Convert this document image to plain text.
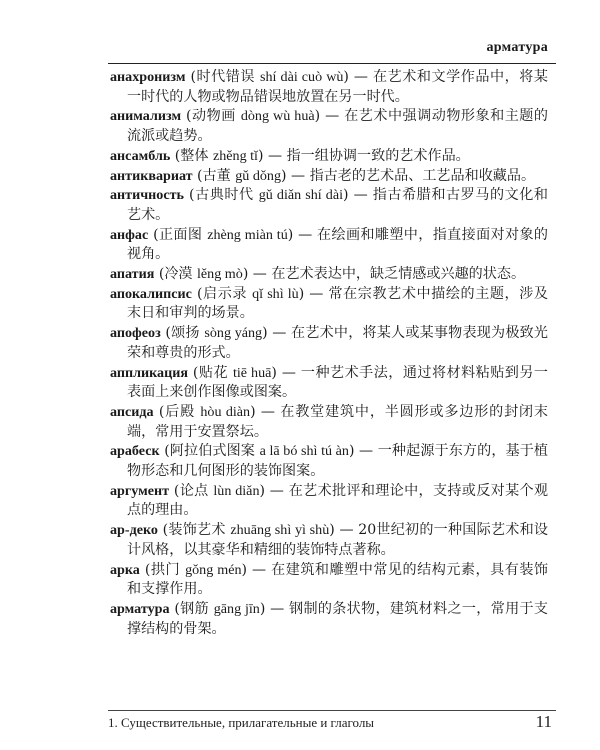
арматура

анахронизм (时代错误 shí dài cuò wù) — 在艺术和文学作品中，将某一时代的人物或物品错误地放置在另一时代。

анимализм (动物画 dòng wù huà) — 在艺术中强调动物形象和主题的流派或趋势。

ансамбль (整体 zhěng tǐ) — 指一组协调一致的艺术作品。

антиквариат (古董 gǔ dǒng) — 指古老的艺术品、工艺品和收藏品。

античность (古典时代 gǔ diǎn shí dài) — 指古希腊和古罗马的文化和艺术。

анфас (正面图 zhèng miàn tú) — 在绘画和雕塑中，指直接面对对象的视角。

апатия (冷漠 lěng mò) — 在艺术表达中，缺乏情感或兴趣的状态。

апокалипсис (启示录 qǐ shì lù) — 常在宗教艺术中描绘的主题，涉及末日和审判的场景。

апофеоз (颂扬 sòng yáng) — 在艺术中，将某人或某事物表现为极致光荣和尊贵的形式。

аппликация (贴花 tiē huā) — 一种艺术手法，通过将材料粘贴到另一表面上来创作图像或图案。

апсида (后殿 hòu diàn) — 在教堂建筑中，半圆形或多边形的封闭末端，常用于安置祭坛。

арабеск (阿拉伯式图案 a lā bó shì tú àn) — 一种起源于东方的，基于植物形态和几何图形的装饰图案。

аргумент (论点 lùn diǎn) — 在艺术批评和理论中，支持或反对某个观点的理由。

ар-деко (装饰艺术 zhuāng shì yì shù) — 20世纪初的一种国际艺术和设计风格，以其豪华和精细的装饰特点著称。

арка (拱门 gǒng mén) — 在建筑和雕塑中常见的结构元素，具有装饰和支撑作用。

арматура (钢筋 gāng jīn) — 钢制的条状物，建筑材料之一，常用于支撑结构的骨架。

1. Существительные, прилагательные и глаголы	11
